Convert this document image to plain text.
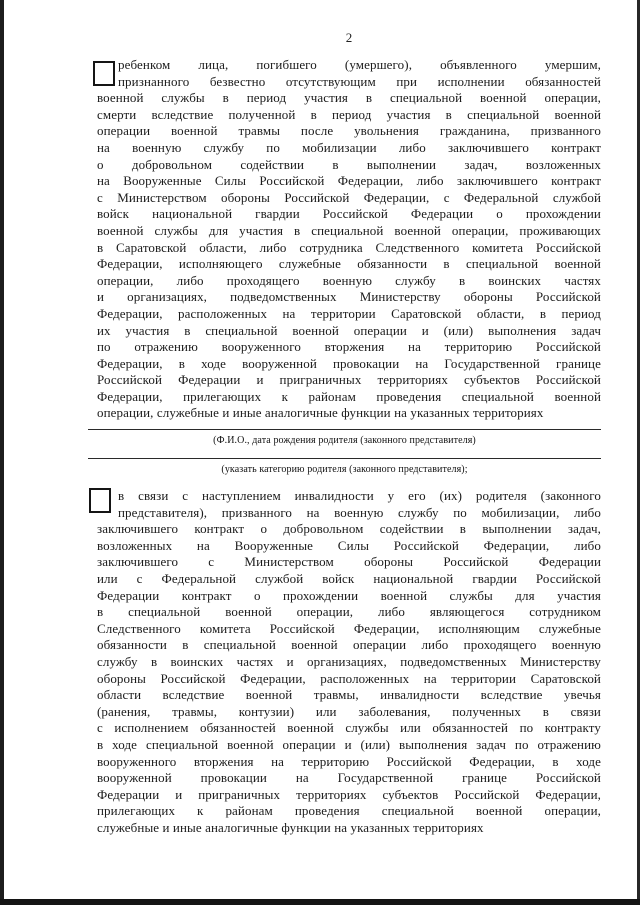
2
ребенком лица, погибшего (умершего), объявленного умершим,
признанного безвестно отсутствующим при исполнении обязанностей
военной службы в период участия в специальной военной операции,
смерти вследствие полученной в период участия в специальной военной
операции военной травмы после увольнения гражданина, призванного
на военную службу по мобилизации либо заключившего контракт
о добровольном содействии в выполнении задач, возложенных
на Вооруженные Силы Российской Федерации, либо заключившего контракт
с Министерством обороны Российской Федерации, с Федеральной службой
войск национальной гвардии Российской Федерации о прохождении
военной службы для участия в специальной военной операции, проживающих
в Саратовской области, либо сотрудника Следственного комитета Российской
Федерации, исполняющего служебные обязанности в специальной военной
операции, либо проходящего военную службу в воинских частях
и организациях, подведомственных Министерству обороны Российской
Федерации, расположенных на территории Саратовской области, в период
их участия в специальной военной операции и (или) выполнения задач
по отражению вооруженного вторжения на территорию Российской
Федерации, в ходе вооруженной провокации на Государственной границе
Российской Федерации и приграничных территориях субъектов Российской
Федерации, прилегающих к районам проведения специальной военной
операции, служебные и иные аналогичные функции на указанных территориях
(Ф.И.О., дата рождения родителя (законного представителя)
(указать категорию родителя (законного представителя);
в связи с наступлением инвалидности у его (их) родителя (законного
представителя), призванного на военную службу по мобилизации, либо
заключившего контракт о добровольном содействии в выполнении задач,
возложенных на Вооруженные Силы Российской Федерации, либо
заключившего с Министерством обороны Российской Федерации
или с Федеральной службой войск национальной гвардии Российской
Федерации контракт о прохождении военной службы для участия
в специальной военной операции, либо являющегося сотрудником
Следственного комитета Российской Федерации, исполняющим служебные
обязанности в специальной военной операции либо проходящего военную
службу в воинских частях и организациях, подведомственных Министерству
обороны Российской Федерации, расположенных на территории Саратовской
области вследствие военной травмы, инвалидности вследствие увечья
(ранения, травмы, контузии) или заболевания, полученных в связи
с исполнением обязанностей военной службы или обязанностей по контракту
в ходе специальной военной операции и (или) выполнения задач по отражению
вооруженного вторжения на территорию Российской Федерации, в ходе
вооруженной провокации на Государственной границе Российской
Федерации и приграничных территориях субъектов Российской Федерации,
прилегающих к районам проведения специальной военной операции,
служебные и иные аналогичные функции на указанных территориях
